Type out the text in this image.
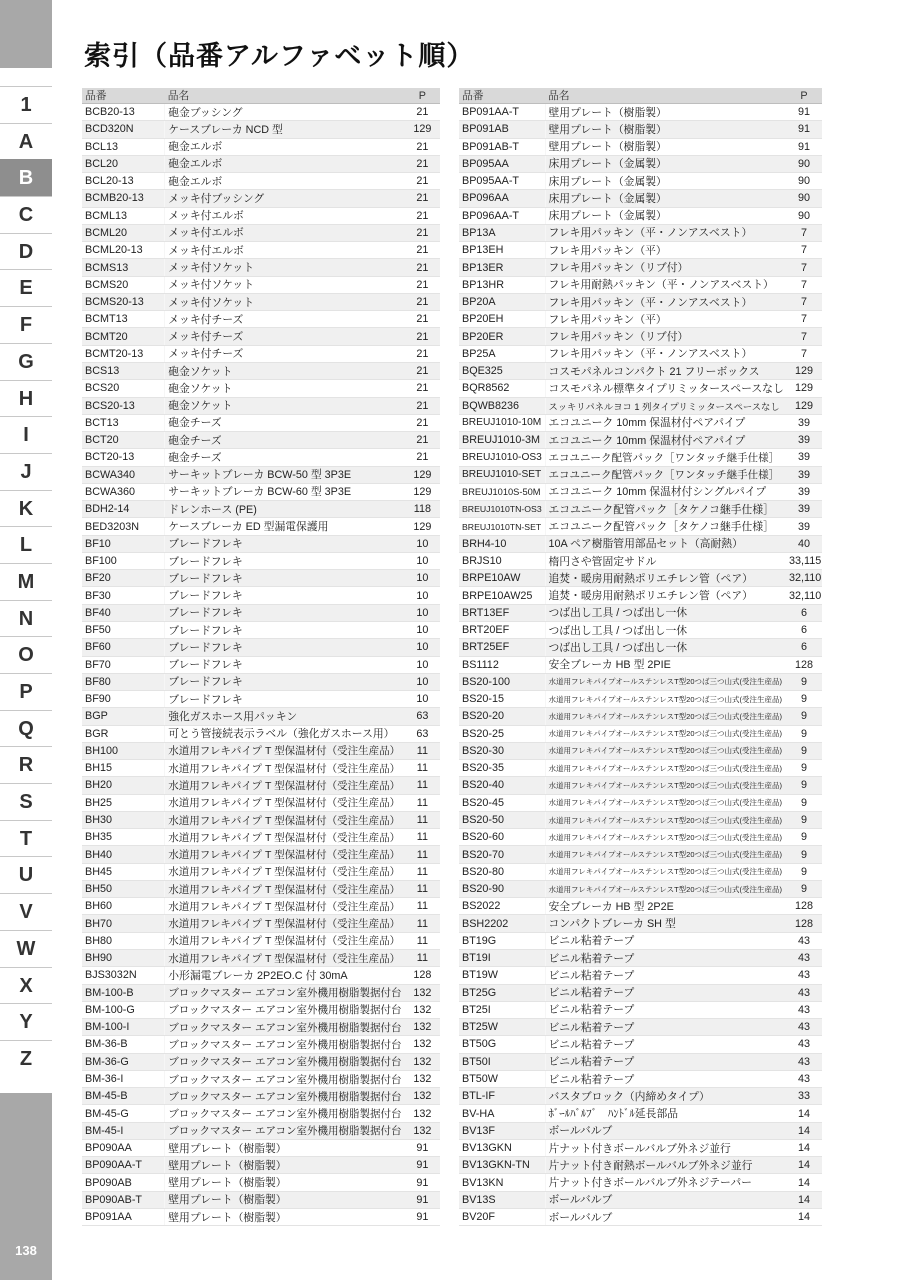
138
索引（品番アルファベット順）
1
A
B
C
D
E
F
G
H
I
J
K
L
M
N
O
P
Q
R
S
T
U
V
W
X
Y
Z
品番	品名	P
BCB20-13	砲金ブッシング	21
BCD320N	ケースブレーカ NCD 型	129
BCL13	砲金エルボ	21
BCL20	砲金エルボ	21
BCL20-13	砲金エルボ	21
BCMB20-13	メッキ付ブッシング	21
BCML13	メッキ付エルボ	21
BCML20	メッキ付エルボ	21
BCML20-13	メッキ付エルボ	21
BCMS13	メッキ付ソケット	21
BCMS20	メッキ付ソケット	21
BCMS20-13	メッキ付ソケット	21
BCMT13	メッキ付チーズ	21
BCMT20	メッキ付チーズ	21
BCMT20-13	メッキ付チーズ	21
BCS13	砲金ソケット	21
BCS20	砲金ソケット	21
BCS20-13	砲金ソケット	21
BCT13	砲金チーズ	21
BCT20	砲金チーズ	21
BCT20-13	砲金チーズ	21
BCWA340	サーキットブレーカ BCW-50 型 3P3E	129
BCWA360	サーキットブレーカ BCW-60 型 3P3E	129
BDH2-14	ドレンホース (PE)	118
BED3203N	ケースブレーカ ED 型漏電保護用	129
BF10	ブレードフレキ	10
BF100	ブレードフレキ	10
BF20	ブレードフレキ	10
BF30	ブレードフレキ	10
BF40	ブレードフレキ	10
BF50	ブレードフレキ	10
BF60	ブレードフレキ	10
BF70	ブレードフレキ	10
BF80	ブレードフレキ	10
BF90	ブレードフレキ	10
BGP	強化ガスホース用パッキン	63
BGR	可とう管接続表示ラベル（強化ガスホース用）	63
BH100	水道用フレキパイプ T 型保温材付（受注生産品）	11
BH15	水道用フレキパイプ T 型保温材付（受注生産品）	11
BH20	水道用フレキパイプ T 型保温材付（受注生産品）	11
BH25	水道用フレキパイプ T 型保温材付（受注生産品）	11
BH30	水道用フレキパイプ T 型保温材付（受注生産品）	11
BH35	水道用フレキパイプ T 型保温材付（受注生産品）	11
BH40	水道用フレキパイプ T 型保温材付（受注生産品）	11
BH45	水道用フレキパイプ T 型保温材付（受注生産品）	11
BH50	水道用フレキパイプ T 型保温材付（受注生産品）	11
BH60	水道用フレキパイプ T 型保温材付（受注生産品）	11
BH70	水道用フレキパイプ T 型保温材付（受注生産品）	11
BH80	水道用フレキパイプ T 型保温材付（受注生産品）	11
BH90	水道用フレキパイプ T 型保温材付（受注生産品）	11
BJS3032N	小形漏電ブレーカ 2P2EO.C 付 30mA	128
BM-100-B	ブロックマスター エアコン室外機用樹脂製据付台	132
BM-100-G	ブロックマスター エアコン室外機用樹脂製据付台	132
BM-100-I	ブロックマスター エアコン室外機用樹脂製据付台	132
BM-36-B	ブロックマスター エアコン室外機用樹脂製据付台	132
BM-36-G	ブロックマスター エアコン室外機用樹脂製据付台	132
BM-36-I	ブロックマスター エアコン室外機用樹脂製据付台	132
BM-45-B	ブロックマスター エアコン室外機用樹脂製据付台	132
BM-45-G	ブロックマスター エアコン室外機用樹脂製据付台	132
BM-45-I	ブロックマスター エアコン室外機用樹脂製据付台	132
BP090AA	壁用プレート（樹脂製）	91
BP090AA-T	壁用プレート（樹脂製）	91
BP090AB	壁用プレート（樹脂製）	91
BP090AB-T	壁用プレート（樹脂製）	91
BP091AA	壁用プレート（樹脂製）	91
品番	品名	P
BP091AA-T	壁用プレート（樹脂製）	91
BP091AB	壁用プレート（樹脂製）	91
BP091AB-T	壁用プレート（樹脂製）	91
BP095AA	床用プレート（金属製）	90
BP095AA-T	床用プレート（金属製）	90
BP096AA	床用プレート（金属製）	90
BP096AA-T	床用プレート（金属製）	90
BP13A	フレキ用パッキン（平・ノンアスベスト）	7
BP13EH	フレキ用パッキン（平）	7
BP13ER	フレキ用パッキン（リブ付）	7
BP13HR	フレキ用耐熱パッキン（平・ノンアスベスト）	7
BP20A	フレキ用パッキン（平・ノンアスベスト）	7
BP20EH	フレキ用パッキン（平）	7
BP20ER	フレキ用パッキン（リブ付）	7
BP25A	フレキ用パッキン（平・ノンアスベスト）	7
BQE325	コスモパネルコンパクト 21 フリーボックス	129
BQR8562	コスモパネル標準タイプリミッタースペースなし	129
BQWB8236	スッキリパネルヨコ 1 列タイプリミッタースペースなし	129
BREUJ1010-10M	エコユニーク 10mm 保温材付ペアパイプ	39
BREUJ1010-3M	エコユニーク 10mm 保温材付ペアパイプ	39
BREUJ1010-OS3	エコユニーク配管パック［ワンタッチ継手仕様］	39
BREUJ1010-SET	エコユニーク配管パック［ワンタッチ継手仕様］	39
BREUJ1010S-50M	エコユニーク 10mm 保温材付シングルパイプ	39
BREUJ1010TN-OS3	エコユニーク配管パック［タケノコ継手仕様］	39
BREUJ1010TN-SET	エコユニーク配管パック［タケノコ継手仕様］	39
BRH4-10	10A ペア樹脂管用部品セット（高耐熱）	40
BRJS10	楕円さや管固定サドル	33,115
BRPE10AW	追焚・暖房用耐熱ポリエチレン管（ペア）	32,110
BRPE10AW25	追焚・暖房用耐熱ポリエチレン管（ペア）	32,110
BRT13EF	つば出し工具 / つば出し一休	6
BRT20EF	つば出し工具 / つば出し一休	6
BRT25EF	つば出し工具 / つば出し一休	6
BS1112	安全ブレーカ HB 型 2PIE	128
BS20-100	水道用フレキパイプオールステンレスT型20つば三つ山式(受注生産品)	9
BS20-15	水道用フレキパイプオールステンレスT型20つば三つ山式(受注生産品)	9
BS20-20	水道用フレキパイプオールステンレスT型20つば三つ山式(受注生産品)	9
BS20-25	水道用フレキパイプオールステンレスT型20つば三つ山式(受注生産品)	9
BS20-30	水道用フレキパイプオールステンレスT型20つば三つ山式(受注生産品)	9
BS20-35	水道用フレキパイプオールステンレスT型20つば三つ山式(受注生産品)	9
BS20-40	水道用フレキパイプオールステンレスT型20つば三つ山式(受注生産品)	9
BS20-45	水道用フレキパイプオールステンレスT型20つば三つ山式(受注生産品)	9
BS20-50	水道用フレキパイプオールステンレスT型20つば三つ山式(受注生産品)	9
BS20-60	水道用フレキパイプオールステンレスT型20つば三つ山式(受注生産品)	9
BS20-70	水道用フレキパイプオールステンレスT型20つば三つ山式(受注生産品)	9
BS20-80	水道用フレキパイプオールステンレスT型20つば三つ山式(受注生産品)	9
BS20-90	水道用フレキパイプオールステンレスT型20つば三つ山式(受注生産品)	9
BS2022	安全ブレーカ HB 型 2P2E	128
BSH2202	コンパクトブレーカ SH 型	128
BT19G	ビニル粘着テープ	43
BT19I	ビニル粘着テープ	43
BT19W	ビニル粘着テープ	43
BT25G	ビニル粘着テープ	43
BT25I	ビニル粘着テープ	43
BT25W	ビニル粘着テープ	43
BT50G	ビニル粘着テープ	43
BT50I	ビニル粘着テープ	43
BT50W	ビニル粘着テープ	43
BTL-IF	バスタブロック（内締めタイプ）	33
BV-HA	ﾎﾞｰﾙﾊﾞﾙﾌﾞ　ﾊﾝﾄﾞﾙ延長部品	14
BV13F	ボールバルブ	14
BV13GKN	片ナット付きボールバルブ外ネジ並行	14
BV13GKN-TN	片ナット付き耐熱ボールバルブ外ネジ並行	14
BV13KN	片ナット付きボールバルブ外ネジテーパー	14
BV13S	ボールバルブ	14
BV20F	ボールバルブ	14
